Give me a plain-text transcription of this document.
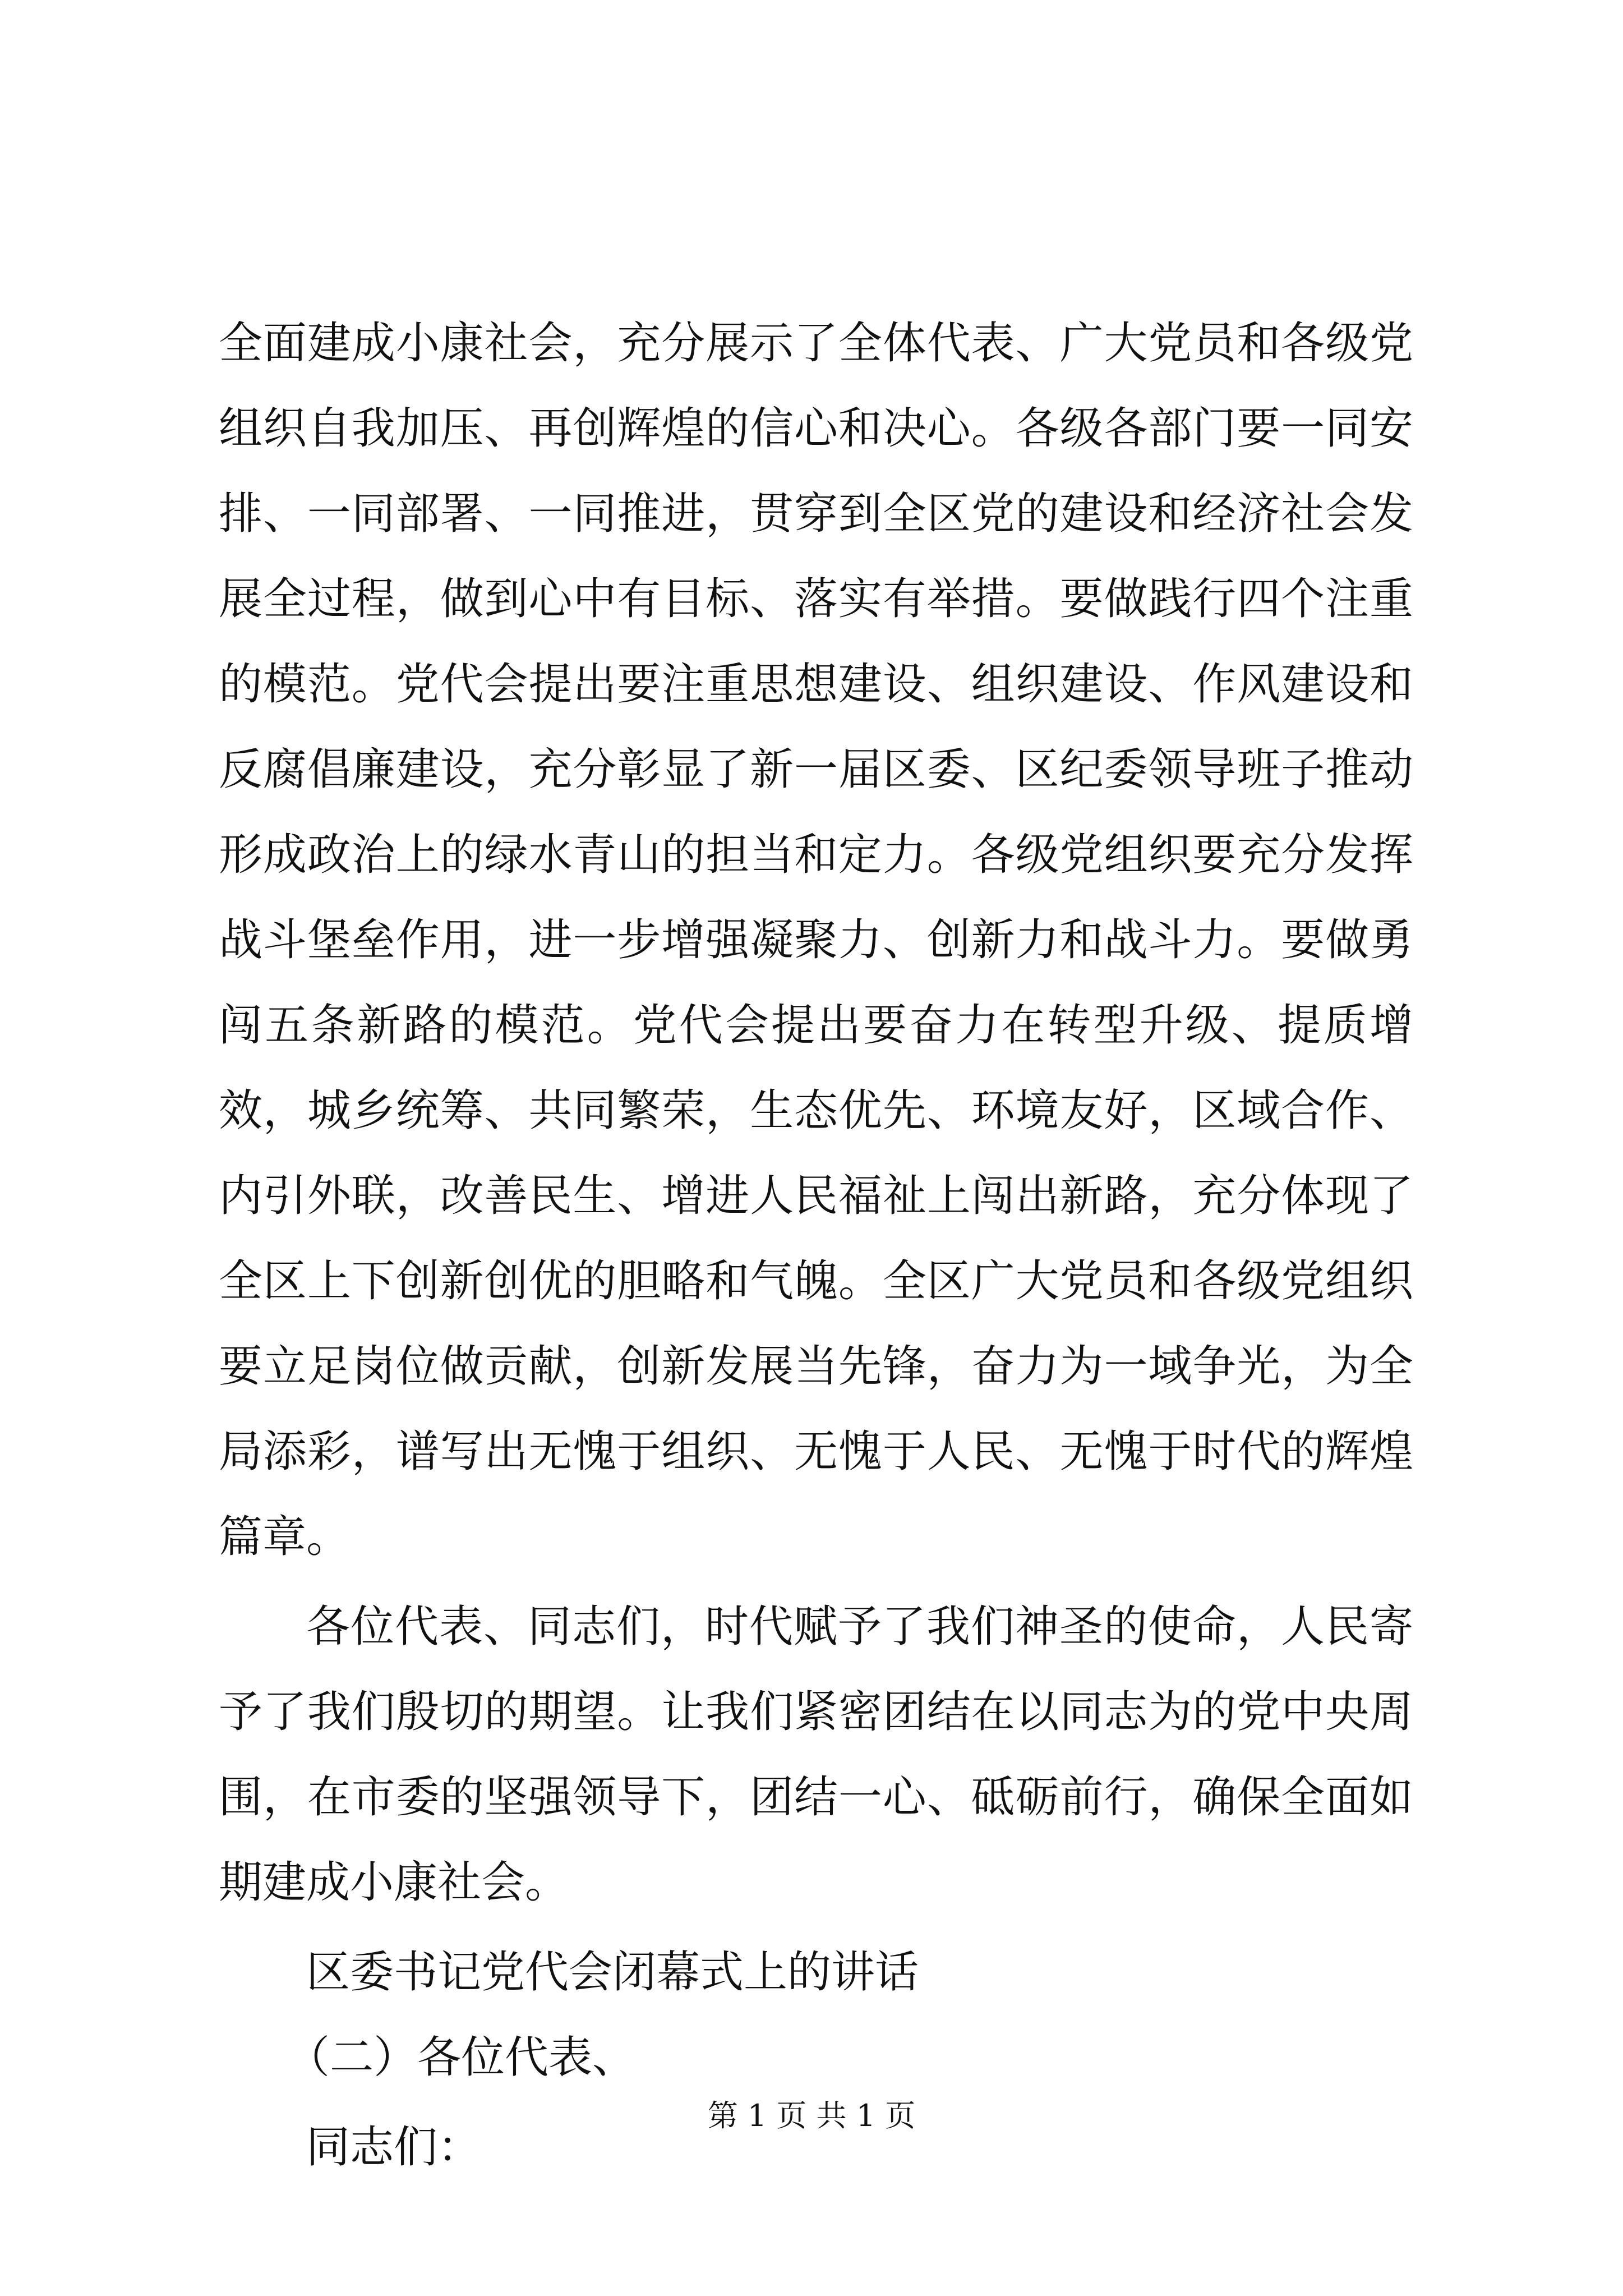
全面建成小康社会，充分展示了全体代表、广大党员和各级党组织自我加压、再创辉煌的信心和决心。各级各部门要一同安排、一同部署、一同推进，贯穿到全区党的建设和经济社会发展全过程，做到心中有目标、落实有举措。要做践行四个注重的模范。党代会提出要注重思想建设、组织建设、作风建设和反腐倡廉建设，充分彰显了新一届区委、区纪委领导班子推动形成政治上的绿水青山的担当和定力。各级党组织要充分发挥战斗堡垒作用，进一步增强凝聚力、创新力和战斗力。要做勇闯五条新路的模范。党代会提出要奋力在转型升级、提质增效，城乡统筹、共同繁荣，生态优先、环境友好，区域合作、内引外联，改善民生、增进人民福祉上闯出新路，充分体现了全区上下创新创优的胆略和气魄。全区广大党员和各级党组织要立足岗位做贡献，创新发展当先锋，奋力为一域争光，为全局添彩，谱写出无愧于组织、无愧于人民、无愧于时代的辉煌篇章。

各位代表、同志们，时代赋予了我们神圣的使命，人民寄予了我们殷切的期望。让我们紧密团结在以同志为的党中央周围，在市委的坚强领导下，团结一心、砥砺前行，确保全面如期建成小康社会。

区委书记党代会闭幕式上的讲话

（二）各位代表、

同志们：

第 1 页 共 1 页
